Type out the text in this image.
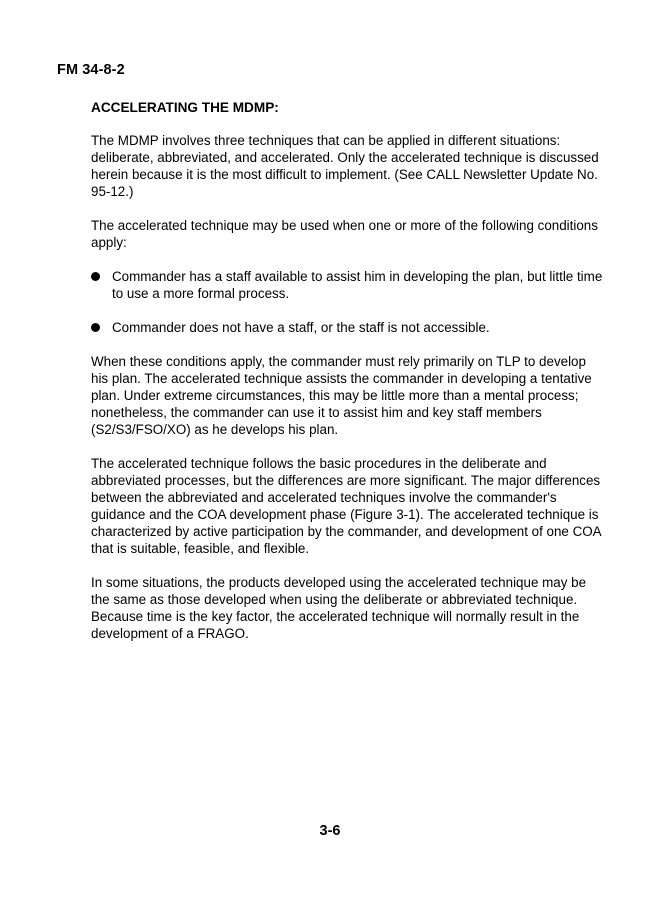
FM 34-8-2
ACCELERATING THE MDMP:

The MDMP involves three techniques that can be applied in different situations: deliberate, abbreviated, and accelerated. Only the accelerated technique is discussed herein because it is the most difficult to implement. (See CALL Newsletter Update No. 95-12.)

The accelerated technique may be used when one or more of the following conditions apply:

Commander has a staff available to assist him in developing the plan, but little time to use a more formal process.
Commander does not have a staff, or the staff is not accessible.

When these conditions apply, the commander must rely primarily on TLP to develop his plan. The accelerated technique assists the commander in developing a tentative plan. Under extreme circumstances, this may be little more than a mental process; nonetheless, the commander can use it to assist him and key staff members (S2/S3/FSO/XO) as he develops his plan.

The accelerated technique follows the basic procedures in the deliberate and abbreviated processes, but the differences are more significant. The major differences between the abbreviated and accelerated techniques involve the commander's guidance and the COA development phase (Figure 3-1). The accelerated technique is characterized by active participation by the commander, and development of one COA that is suitable, feasible, and flexible.

In some situations, the products developed using the accelerated technique may be the same as those developed when using the deliberate or abbreviated technique. Because time is the key factor, the accelerated technique will normally result in the development of a FRAGO.

3-6
